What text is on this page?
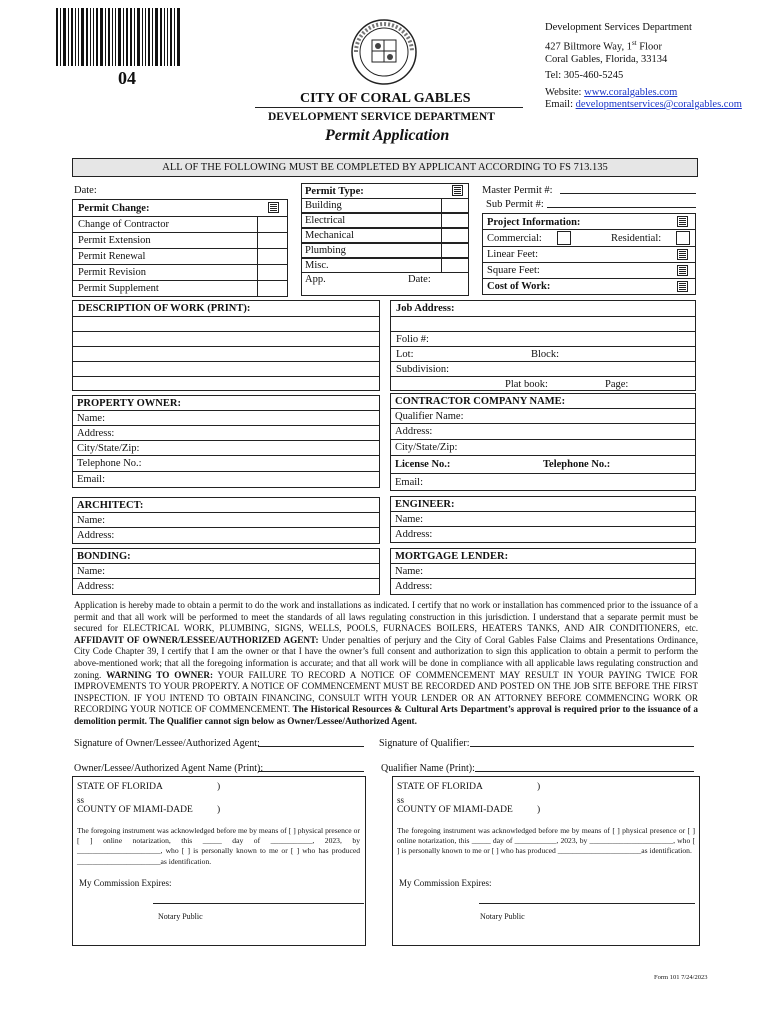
04
CITY OF CORAL GABLES
DEVELOPMENT SERVICE DEPARTMENT
Permit Application
Development Services Department
427 Biltmore Way, 1st Floor
Coral Gables, Florida, 33134
Tel: 305-460-5245
Website: www.coralgables.com
Email: developmentservices@coralgables.com
ALL OF THE FOLLOWING MUST BE COMPLETED BY APPLICANT ACCORDING TO FS 713.135
Date:
Permit Change:
Change of Contractor
Permit Extension
Permit Renewal
Permit Revision
Permit Supplement
Permit Type:
Building
Electrical
Mechanical
Plumbing
Misc.
App.	Date:
Master Permit #:
Sub Permit #:
Project Information:
Commercial:	Residential:
Linear Feet:
Square Feet:
Cost of Work:
DESCRIPTION OF WORK (PRINT):	Job Address:
Folio #:
Lot:	Block:
Subdivision:
Plat book:	Page:
PROPERTY OWNER:
Name:
Address:
City/State/Zip:
Telephone No.:
Email:
CONTRACTOR COMPANY NAME:
Qualifier Name:
Address:
City/State/Zip:
License No.:	Telephone No.:
Email:
ARCHITECT:
Name:
Address:
ENGINEER:
Name:
Address:
BONDING:
Name:
Address:
MORTGAGE LENDER:
Name:
Address:
Application is hereby made to obtain a permit to do the work and installations as indicated. I certify that no work or installation has commenced prior to the issuance of a permit and that all work will be performed to meet the standards of all laws regulating construction in this jurisdiction. I understand that a separate permit must be secured for ELECTRICAL WORK, PLUMBING, SIGNS, WELLS, POOLS, FURNACES BOILERS, HEATERS TANKS, AND AIR CONDITIONERS, etc. AFFIDAVIT OF OWNER/LESSEE/AUTHORIZED AGENT: Under penalties of perjury and the City of Coral Gables False Claims and Presentations Ordinance, City Code Chapter 39, I certify that I am the owner or that I have the owner’s full consent and authorization to sign this application to obtain a permit to perform the above-mentioned work; that all the foregoing information is accurate; and that all work will be done in compliance with all applicable laws regulating construction and zoning. WARNING TO OWNER: YOUR FAILURE TO RECORD A NOTICE OF COMMENCEMENT MAY RESULT IN YOUR PAYING TWICE FOR IMPROVEMENTS TO YOUR PROPERTY. A NOTICE OF COMMENCEMENT MUST BE RECORDED AND POSTED ON THE JOB SITE BEFORE THE FIRST INSPECTION. IF YOU INTEND TO OBTAIN FINANCING, CONSULT WITH YOUR LENDER OR AN ATTORNEY BEFORE COMMENCING WORK OR RECORDING YOUR NOTICE OF COMMENCEMENT. The Historical Resources & Cultural Arts Department’s approval is required prior to the issuance of a demolition permit. The Qualifier cannot sign below as Owner/Lessee/Authorized Agent.
Signature of Owner/Lessee/Authorized Agent:	Signature of Qualifier:
Owner/Lessee/Authorized Agent Name (Print):	Qualifier Name (Print):
STATE OF FLORIDA	)
ss
COUNTY OF MIAMI-DADE	)
The foregoing instrument was acknowledged before me by means of [ ] physical presence or [ ] online notarization, this _____ day of ___________, 2023, by ______________________, who [ ] is personally known to me or [ ] who has produced ______________________as identification.
My Commission Expires:
Notary Public
STATE OF FLORIDA	)
ss
COUNTY OF MIAMI-DADE	)
The foregoing instrument was acknowledged before me by means of [ ] physical presence or [ ] online notarization, this _____ day of ___________, 2023, by ______________________, who [ ] is personally known to me or [ ] who has produced ______________________as identification.
My Commission Expires:
Notary Public
Form 101 7/24/2023
